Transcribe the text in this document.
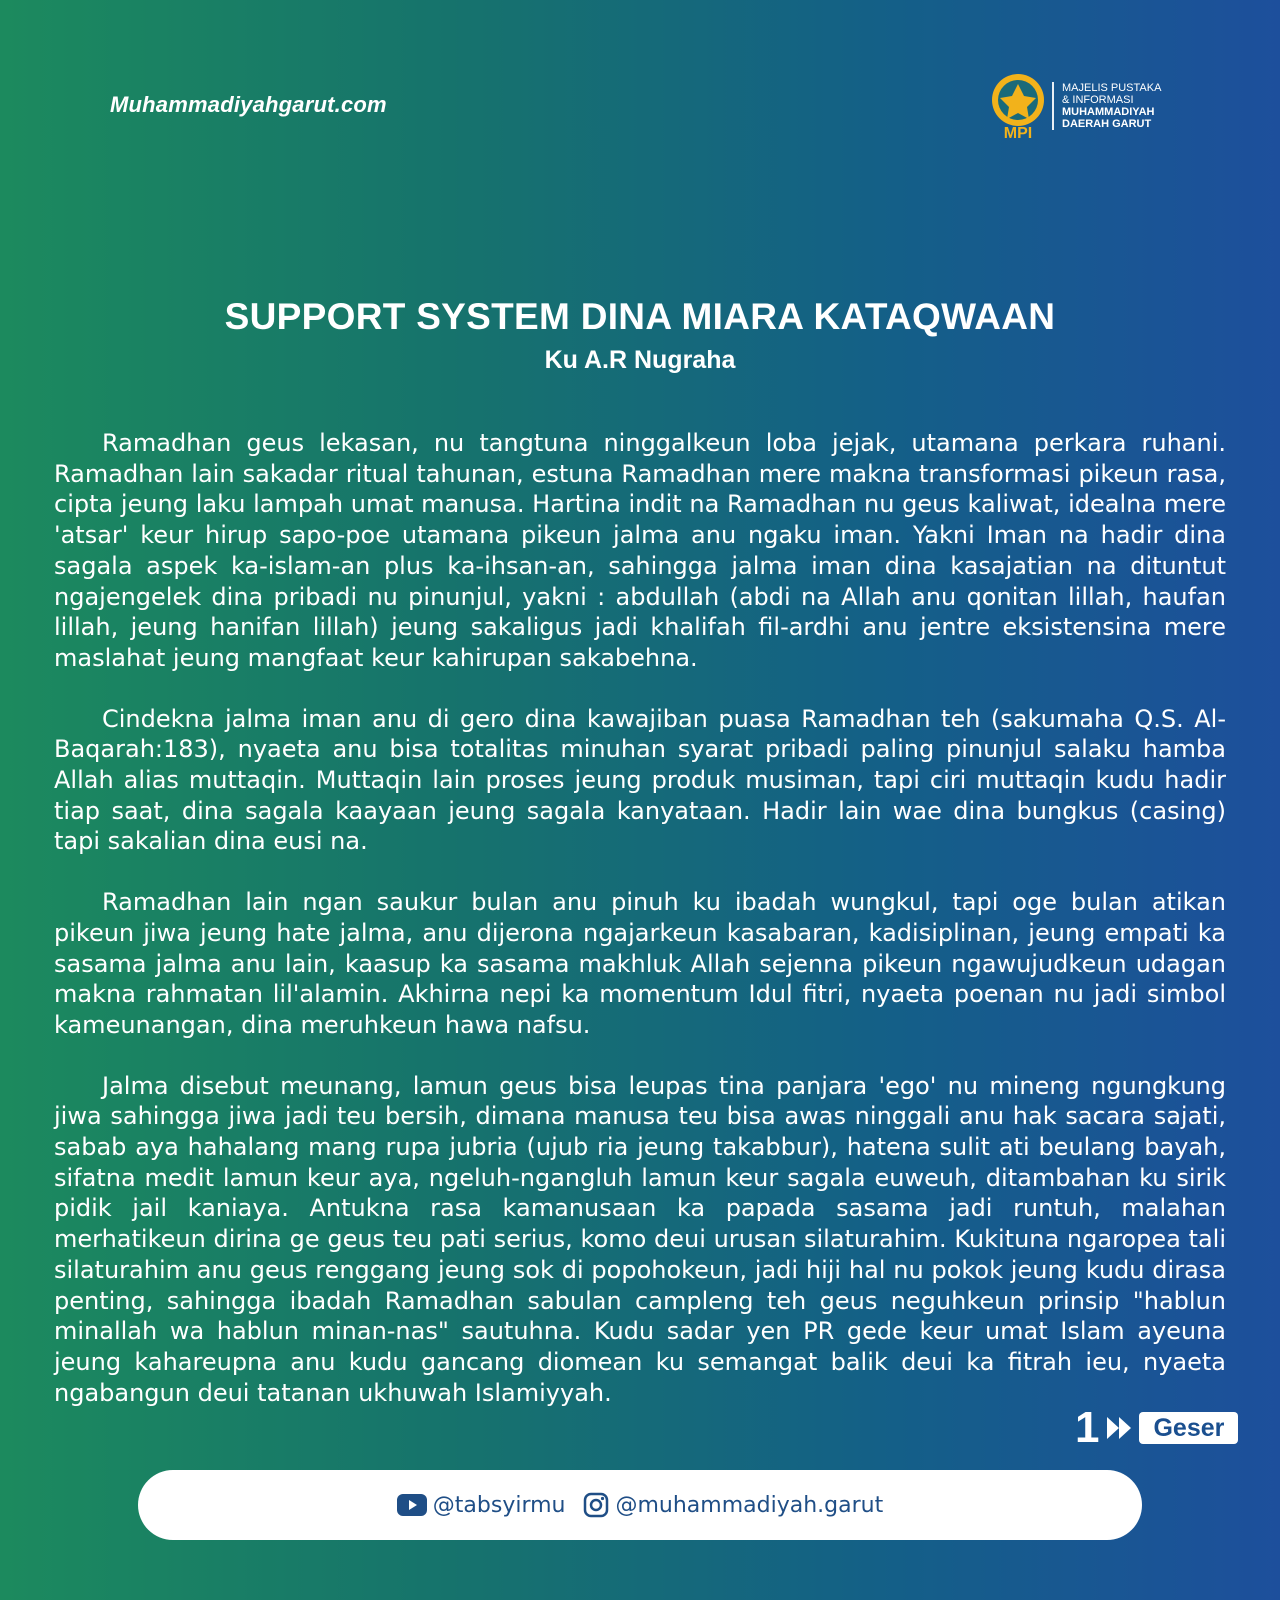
Muhammadiyahgarut.com
MPI
MAJELIS PUSTAKA
& INFORMASI
MUHAMMADIYAH
DAERAH GARUT
SUPPORT SYSTEM DINA MIARA KATAQWAAN
Ku A.R Nugraha

Ramadhan geus lekasan, nu tangtuna ninggalkeun loba jejak, utamana perkara ruhani. Ramadhan lain sakadar ritual tahunan, estuna Ramadhan mere makna transformasi pikeun rasa, cipta jeung laku lampah umat manusa. Hartina indit na Ramadhan nu geus kaliwat, idealna mere 'atsar' keur hirup sapo-poe utamana pikeun jalma anu ngaku iman. Yakni Iman na hadir dina sagala aspek ka-islam-an plus ka-ihsan-an, sahingga jalma iman dina kasajatian na dituntut ngajengelek dina pribadi nu pinunjul, yakni : abdullah (abdi na Allah anu qonitan lillah, haufan lillah, jeung hanifan lillah) jeung sakaligus jadi khalifah fil-ardhi anu jentre eksistensina mere maslahat jeung mangfaat keur kahirupan sakabehna.

Cindekna jalma iman anu di gero dina kawajiban puasa Ramadhan teh (sakumaha Q.S. Al-Baqarah:183), nyaeta anu bisa totalitas minuhan syarat pribadi paling pinunjul salaku hamba Allah alias muttaqin. Muttaqin lain proses jeung produk musiman, tapi ciri muttaqin kudu hadir tiap saat, dina sagala kaayaan jeung sagala kanyataan. Hadir lain wae dina bungkus (casing) tapi sakalian dina eusi na.

Ramadhan lain ngan saukur bulan anu pinuh ku ibadah wungkul, tapi oge bulan atikan pikeun jiwa jeung hate jalma, anu dijerona ngajarkeun kasabaran, kadisiplinan, jeung empati ka sasama jalma anu lain, kaasup ka sasama makhluk Allah sejenna pikeun ngawujudkeun udagan makna rahmatan lil'alamin. Akhirna nepi ka momentum Idul fitri, nyaeta poenan nu jadi simbol kameunangan, dina meruhkeun hawa nafsu.

Jalma disebut meunang, lamun geus bisa leupas tina panjara 'ego' nu mineng ngungkung jiwa sahingga jiwa jadi teu bersih, dimana manusa teu bisa awas ninggali anu hak sacara sajati, sabab aya hahalang mang rupa jubria (ujub ria jeung takabbur), hatena sulit ati beulang bayah, sifatna medit lamun keur aya, ngeluh-ngangluh lamun keur sagala euweuh, ditambahan ku sirik pidik jail kaniaya. Antukna rasa kamanusaan ka papada sasama jadi runtuh, malahan merhatikeun dirina ge geus teu pati serius, komo deui urusan silaturahim. Kukituna ngaropea tali silaturahim anu geus renggang jeung sok di popohokeun, jadi hiji hal nu pokok jeung kudu dirasa penting, sahingga ibadah Ramadhan sabulan campleng teh geus neguhkeun prinsip "hablun minallah wa hablun minan-nas" sautuhna. Kudu sadar yen PR gede keur umat Islam ayeuna jeung kahareupna anu kudu gancang diomean ku semangat balik deui ka fitrah ieu, nyaeta ngabangun deui tatanan ukhuwah Islamiyyah.

1	Geser
@tabsyirmu @muhammadiyah.garut
